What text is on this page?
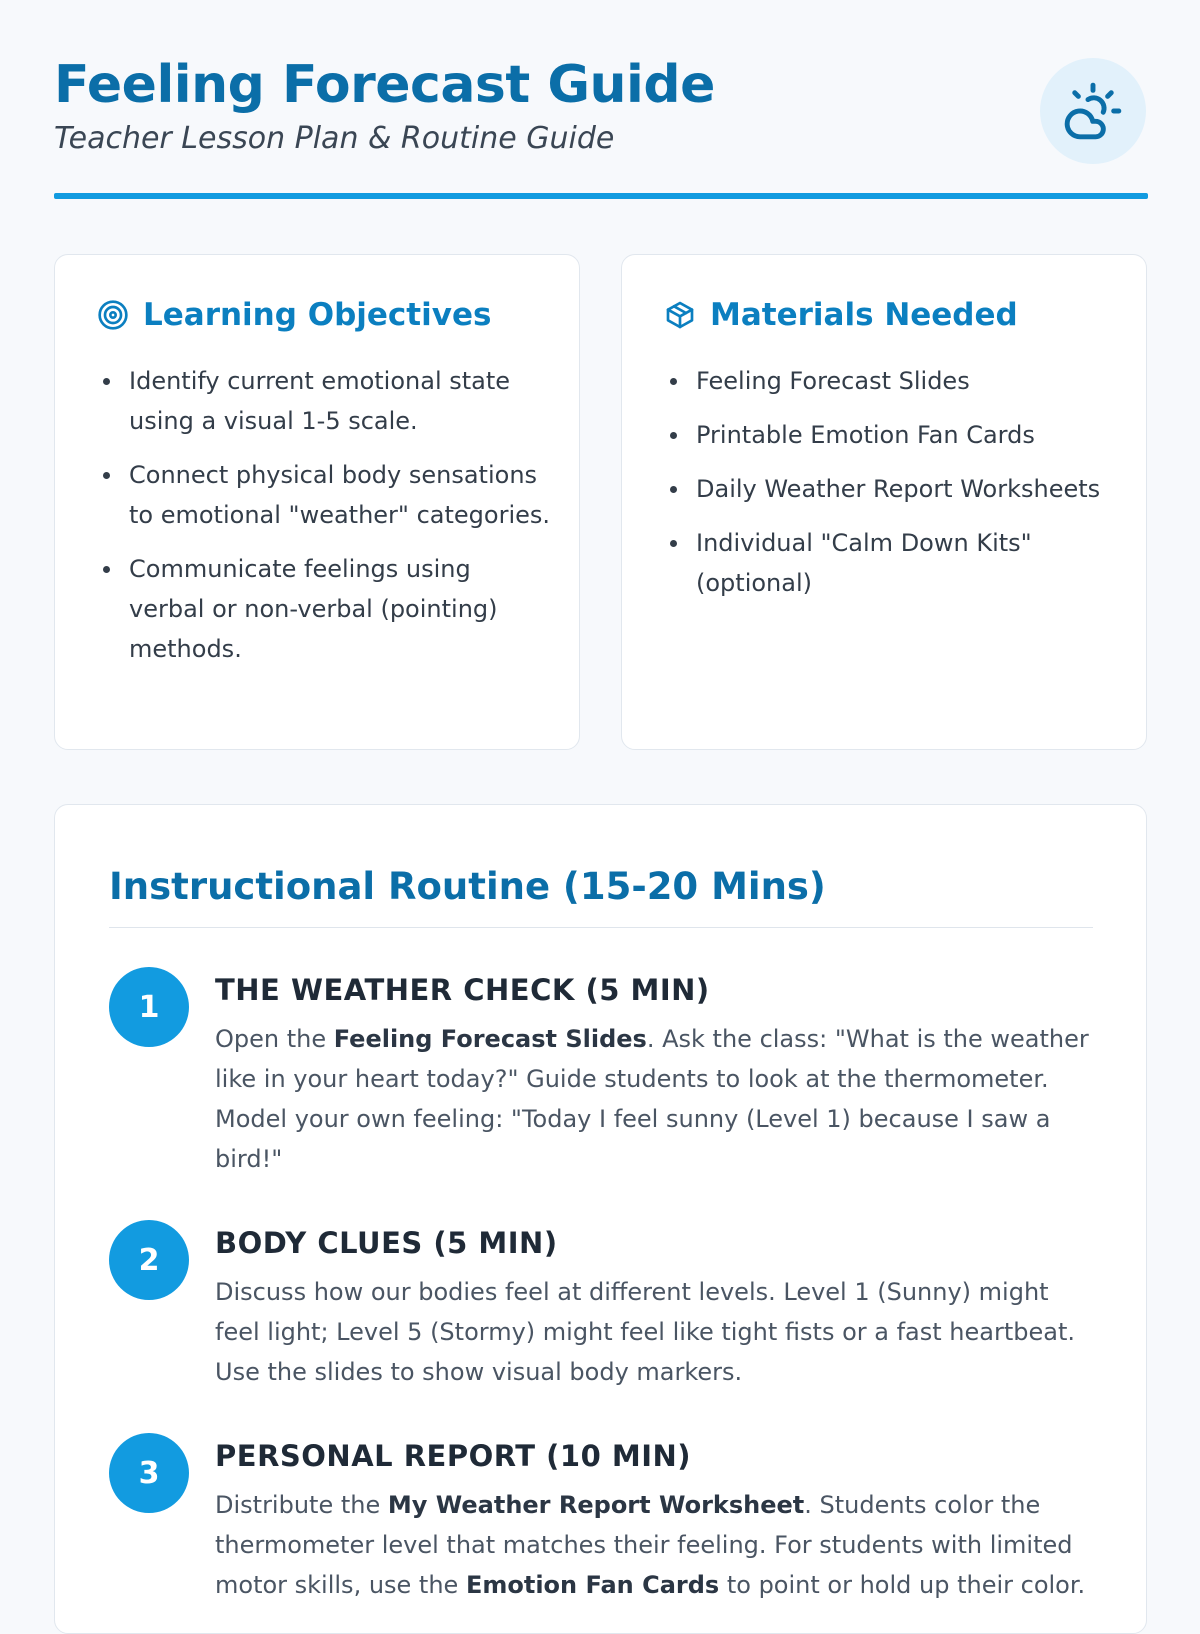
Feeling Forecast Guide
Teacher Lesson Plan & Routine Guide
Learning Objectives
Identify current emotional state using a visual 1-5 scale.
Connect physical body sensations to emotional "weather" categories.
Communicate feelings using verbal or non-verbal (pointing) methods.
Materials Needed
Feeling Forecast Slides
Printable Emotion Fan Cards
Daily Weather Report Worksheets
Individual "Calm Down Kits" (optional)
Instructional Routine (15-20 Mins)
1	THE WEATHER CHECK (5 MIN)
Open the Feeling Forecast Slides. Ask the class: "What is the weather like in your heart today?" Guide students to look at the thermometer. Model your own feeling: "Today I feel sunny (Level 1) because I saw a bird!"
2	BODY CLUES (5 MIN)
Discuss how our bodies feel at different levels. Level 1 (Sunny) might feel light; Level 5 (Stormy) might feel like tight fists or a fast heartbeat. Use the slides to show visual body markers.
3	PERSONAL REPORT (10 MIN)
Distribute the My Weather Report Worksheet. Students color the thermometer level that matches their feeling. For students with limited motor skills, use the Emotion Fan Cards to point or hold up their color.
